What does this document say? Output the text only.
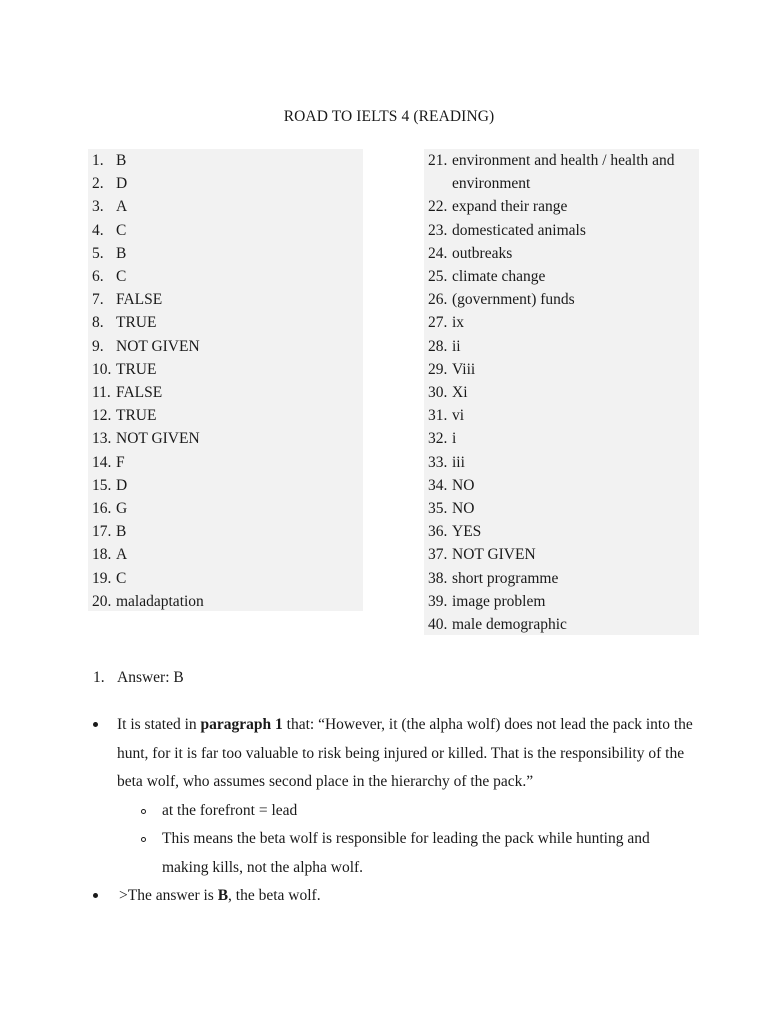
ROAD TO IELTS 4 (READING)
1. B
2. D
3. A
4. C
5. B
6. C
7. FALSE
8. TRUE
9. NOT GIVEN
10. TRUE
11. FALSE
12. TRUE
13. NOT GIVEN
14. F
15. D
16. G
17. B
18. A
19. C
20. maladaptation
21. environment and health / health and environment
22. expand their range
23. domesticated animals
24. outbreaks
25. climate change
26. (government) funds
27. ix
28. ii
29. Viii
30. Xi
31. vi
32. i
33. iii
34. NO
35. NO
36. YES
37. NOT GIVEN
38. short programme
39. image problem
40. male demographic
1. Answer: B
It is stated in paragraph 1 that: “However, it (the alpha wolf) does not lead the pack into the hunt, for it is far too valuable to risk being injured or killed. That is the responsibility of the beta wolf, who assumes second place in the hierarchy of the pack.”
at the forefront = lead
This means the beta wolf is responsible for leading the pack while hunting and making kills, not the alpha wolf.
>The answer is B, the beta wolf.
